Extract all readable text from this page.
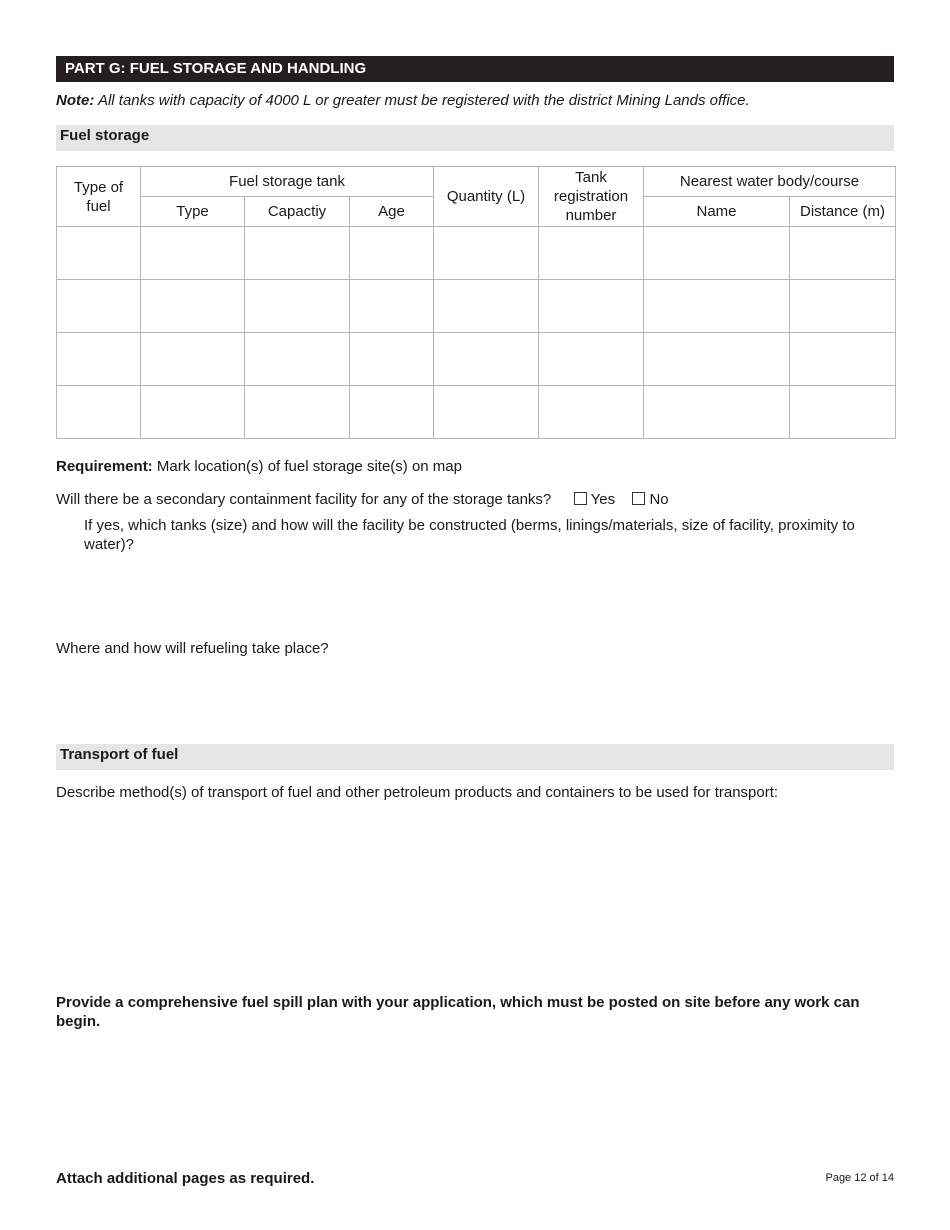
PART G: FUEL STORAGE AND HANDLING
Note: All tanks with capacity of 4000 L or greater must be registered with the district Mining Lands office.
Fuel storage
Type of fuel	Fuel storage tank			Quantity (L)	Tank registration number	Nearest water body/course	
	Type	Capactiy	Age			Name	Distance (m)

Requirement: Mark location(s) of fuel storage site(s) on map
Will there be a secondary containment facility for any of the storage tanks?	Yes No
If yes, which tanks (size) and how will the facility be constructed (berms, linings/materials, size of facility, proximity to water)?
Where and how will refueling take place?
Transport of fuel
Describe method(s) of transport of fuel and other petroleum products and containers to be used for transport:
Provide a comprehensive fuel spill plan with your application, which must be posted on site before any work can begin.
Attach additional pages as required.	Page 12 of 14
